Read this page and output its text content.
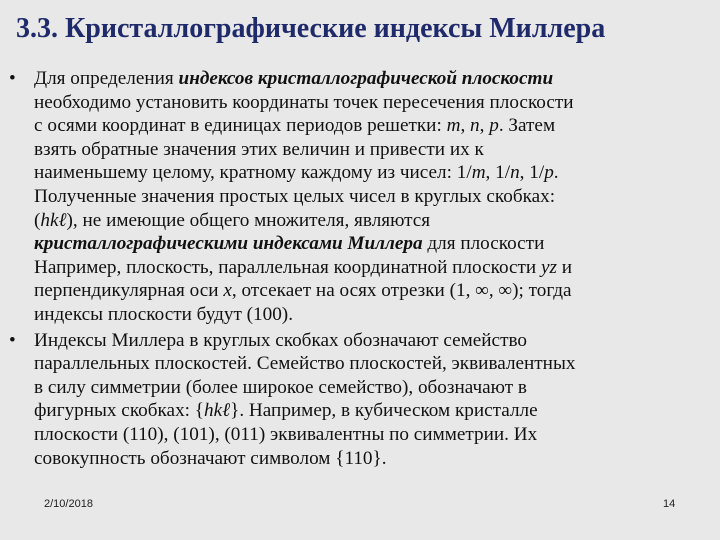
3.3. Кристаллографические индексы Миллера

• Для определения индексов кристаллографической плоскости
необходимо установить координаты точек пересечения плоскости
с осями координат в единицах периодов решетки: m, n, p. Затем
взять обратные значения этих величин и привести их к
наименьшему целому, кратному каждому из чисел: 1/m, 1/n, 1/p.
Полученные значения простых целых чисел в круглых скобках:
(hkℓ), не имеющие общего множителя, являются
кристаллографическими индексами Миллера для плоскости
Например, плоскость, параллельная координатной плоскости yz и
перпендикулярная оси x, отсекает на осях отрезки (1, ∞, ∞); тогда
индексы плоскости будут (100).

• Индексы Миллера в круглых скобках обозначают семейство
параллельных плоскостей. Семейство плоскостей, эквивалентных
в силу симметрии (более широкое семейство), обозначают в
фигурных скобках: {hkℓ}. Например, в кубическом кристалле
плоскости (110), (101), (011) эквивалентны по симметрии. Их
совокупность обозначают символом {110}.

2/10/2018	14
